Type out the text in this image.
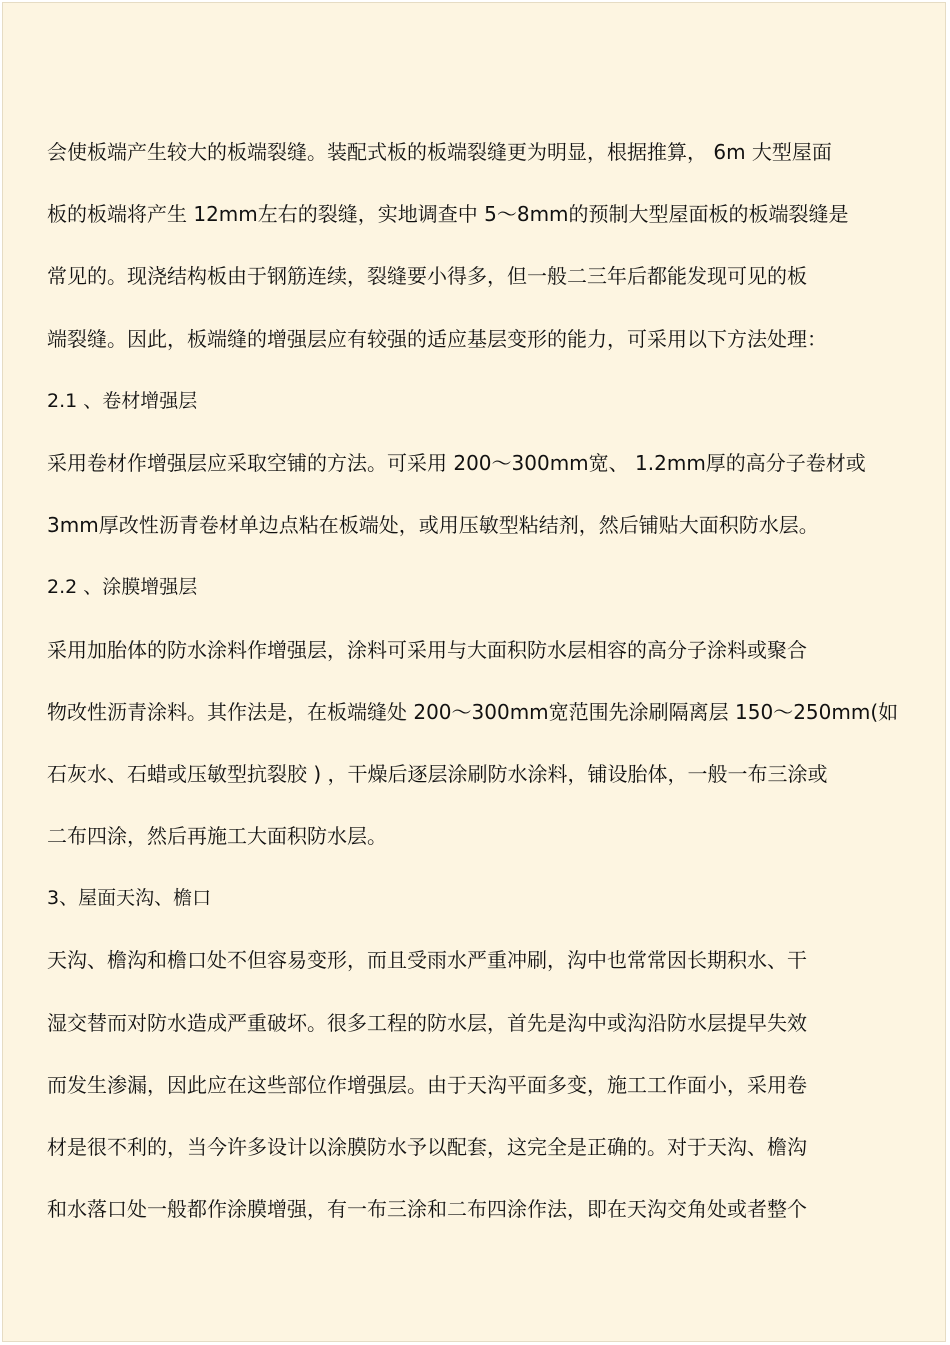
会使板端产生较大的板端裂缝。装配式板的板端裂缝更为明显，根据推算， 6m 大型屋面
板的板端将产生 12mm左右的裂缝，实地调查中 5～8mm的预制大型屋面板的板端裂缝是
常见的。现浇结构板由于钢筋连续，裂缝要小得多，但一般二三年后都能发现可见的板
端裂缝。因此，板端缝的增强层应有较强的适应基层变形的能力，可采用以下方法处理：
2.1 、卷材增强层
采用卷材作增强层应采取空铺的方法。可采用 200～300mm宽、 1.2mm厚的高分子卷材或
3mm厚改性沥青卷材单边点粘在板端处，或用压敏型粘结剂，然后铺贴大面积防水层。
2.2 、涂膜增强层
采用加胎体的防水涂料作增强层，涂料可采用与大面积防水层相容的高分子涂料或聚合
物改性沥青涂料。其作法是，在板端缝处 200～300mm宽范围先涂刷隔离层 150～250mm(如
石灰水、石蜡或压敏型抗裂胶 ) ，干燥后逐层涂刷防水涂料，铺设胎体，一般一布三涂或
二布四涂，然后再施工大面积防水层。
3、屋面天沟、檐口
天沟、檐沟和檐口处不但容易变形，而且受雨水严重冲刷，沟中也常常因长期积水、干
湿交替而对防水造成严重破坏。很多工程的防水层，首先是沟中或沟沿防水层提早失效
而发生渗漏，因此应在这些部位作增强层。由于天沟平面多变，施工工作面小，采用卷
材是很不利的，当今许多设计以涂膜防水予以配套，这完全是正确的。对于天沟、檐沟
和水落口处一般都作涂膜增强，有一布三涂和二布四涂作法，即在天沟交角处或者整个
